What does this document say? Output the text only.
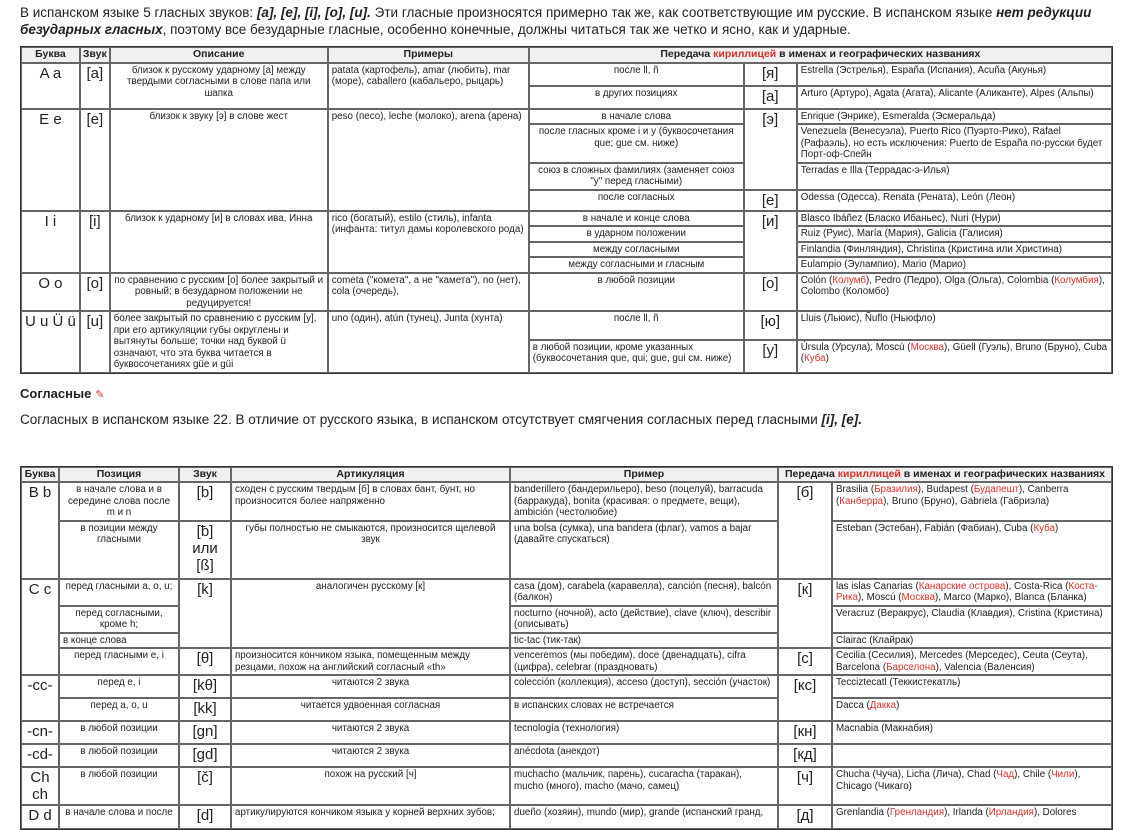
В испанском языке 5 гласных звуков: [a], [e], [i], [o], [u]. Эти гласные произносятся примерно так же, как соответствующие им русские. В испанском языке нет редукции безударных гласных, поэтому все безударные гласные, особенно конечные, должны читаться так же четко и ясно, как и ударные.

Буква	Звук	Описание	Примеры	Передача кириллицей в именах и географических названиях		
A a	[a]	близок к русскому ударному [а] между твердыми согласными в слове папа или шапка	patata (картофель), amar (любить), mar (море), caballero (кабальеро, рыцарь)	после ll, ñ	[я]	Estrella (Эстрелья), España (Испания), Acuña (Акунья)
				в других позициях	[а]	Arturo (Артуро), Agata (Агата), Alicante (Аликанте), Alpes (Альпы)
E e	[e]	близок к звуку [э] в слове жест	peso (песо), leche (молоко), arena (арена)	в начале слова	[э]	Enrique (Энрике), Esmeralda (Эсмеральда)
				после гласных кроме i и y (буквосочетания que; gue см. ниже)		Venezuela (Венесуэла), Puerto Rico (Пуэрто-Рико), Rafael (Рафаэль), но есть исключения: Puerto de España по-русски будет Порт-оф-Спейн
				союз в сложных фамилиях (заменяет союз "у" перед гласными)		Terradas e Illa (Террадас-э-Илья)
				после согласных	[е]	Odessa (Одесса), Renata (Рената), León (Леон)
I i	[i]	близок к ударному [и] в словах ива, Инна	rico (богатый), estilo (стиль), infanta (инфанта: титул дамы королевского рода)	в начале и конце слова	[и]	Blasco Ibáñez (Бласко Ибаньес), Nuri (Нури)
				в ударном положении		Ruiz (Руис), María (Мария), Galicia (Галисия)
				между согласными		Finlandia (Финляндия), Christina (Кристина или Христина)
				между согласными и гласным		Eulampio (Эулампио), Mario (Марио)
O o	[o]	по сравнению с русским [o] более закрытый и ровный; в безударном положении не редуцируется!	cometa ("комета", а не "камета"), no (нет), cola (очередь),	в любой позиции	[о]	Colón (Колумб), Pedro (Педро), Olga (Ольга), Colombia (Колумбия), Colombo (Коломбо)
U u Ü ü	[u]	более закрытый по сравнению с русским [у], при его артикуляции губы округлены и вытянуты больше; точки над буквой ü означают, что эта буква читается в буквосочетаниях güe и güi	uno (один), atún (тунец), Junta (хунта)	после ll, ñ	[ю]	Lluis (Льюис), Ñuflo (Ньюфло)
				в любой позиции, кроме указанных (буквосочетания que, qui; gue, gui см. ниже)	[у]	Úrsula (Урсула), Moscú (Москва), Güell (Гуэль), Bruno (Бруно), Cuba (Куба)
Согласные ✎

Согласных в испанском языке 22. В отличие от русского языка, в испанском отсутствует смягчения согласных перед гласными [i], [e].

Буква	Позиция	Звук	Артикуляция	Пример	Передача кириллицей в именах и географических названиях	
B b	в начале слова и в середине слова после m и n	[b]	сходен с русским твердым [б] в словах бант, бунт, но произносится более напряженно	banderillero (бандерильеро), beso (поцелуй), barracuda (барракуда), bonita (красивая: о предмете, вещи), ambición (честолюбие)	[б]	Brasilia (Бразилия), Budapest (Будапешт), Canberra (Канберра), Bruno (Бруно), Gabriela (Габриэла)
	в позиции между гласными	[ƀ] или [ß]	губы полностью не смыкаются, произносится щелевой звук	una bolsa (сумка), una bandera (флаг), vamos a bajar (давайте спускаться)		Esteban (Эстебан), Fabián (Фабиан), Cuba (Куба)
C c	перед гласными a, o, u;	[k]	аналогичен русскому [к]	casa (дом), carabela (каравелла), canción (песня), balcón (балкон)	[к]	las islas Canarias (Канарские острова), Costa-Rica (Коста-Рика), Moscú (Москва), Marco (Марко), Blanca (Бланка)
	перед согласными, кроме h;			nocturno (ночной), acto (действие), clave (ключ), describir (описывать)		Veracruz (Веракрус), Claudia (Клавдия), Cristina (Кристина)
	в конце слова			tic-tac (тик-так)		Clairac (Клайрак)
	перед гласными e, i	[θ]	произносится кончиком языка, помещенным между резцами, похож на английский согласный «th»	venceremos (мы победим), doce (двенадцать), cifra (цифра), celebrar (праздновать)	[с]	Cecilia (Сесилия), Mercedes (Мерседес), Ceuta (Сеута), Barcelona (Барселона), Valencia (Валенсия)
-cc-	перед e, i	[kθ]	читаются 2 звука	colección (коллекция), acceso (доступ), sección (участок)	[кс]	Tecciztecatl (Теккистекатль)
	перед a, o, u	[kk]	читается удвоенная согласная	в испанских словах не встречается		Dacca (Дакка)
-cn-	в любой позиции	[gn]	читаются 2 звука	tecnología (технология)	[кн]	Macnabia (Макнабия)
-cd-	в любой позиции	[gd]	читаются 2 звука	anécdota (анекдот)	[кд]	
Ch ch	в любой позиции	[č]	похож на русский [ч]	muchacho (мальчик, парень), cucaracha (таракан), mucho (много), macho (мачо, самец)	[ч]	Chucha (Чуча), Licha (Лича), Chad (Чад), Chile (Чили), Chicago (Чикаго)
D d	в начале слова и после	[d]	артикулируются кончиком языка у корней верхних зубов;	dueño (хозяин), mundo (мир), grande (испанский гранд,	[д]	Grenlandia (Гренландия), Irlanda (Ирландия), Dolores
